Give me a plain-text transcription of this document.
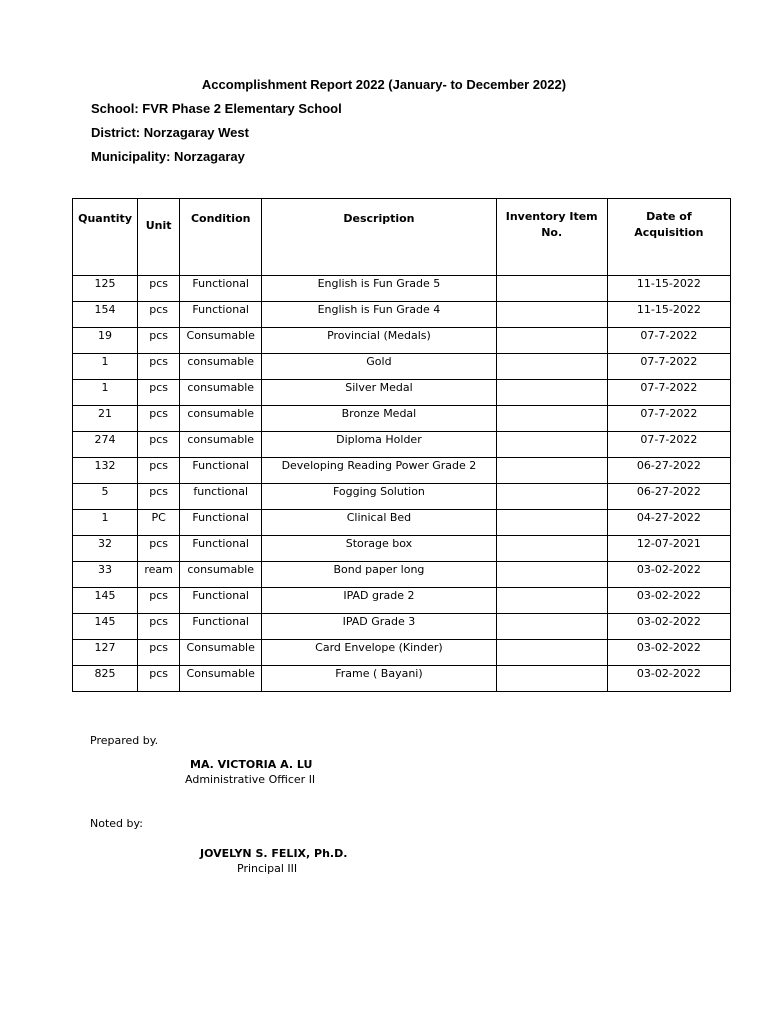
Accomplishment Report 2022 (January- to December 2022)
School: FVR Phase 2 Elementary School
District: Norzagaray West
Municipality: Norzagaray
Quantity	Unit	Condition	Description	Inventory Item No.	Date of Acquisition
125	pcs	Functional	English is Fun Grade 5		11-15-2022
154	pcs	Functional	English is Fun Grade 4		11-15-2022
19	pcs	Consumable	Provincial (Medals)		07-7-2022
1	pcs	consumable	Gold		07-7-2022
1	pcs	consumable	Silver Medal		07-7-2022
21	pcs	consumable	Bronze Medal		07-7-2022
274	pcs	consumable	Diploma Holder		07-7-2022
132	pcs	Functional	Developing Reading Power Grade 2		06-27-2022
5	pcs	functional	Fogging Solution		06-27-2022
1	PC	Functional	Clinical Bed		04-27-2022
32	pcs	Functional	Storage box		12-07-2021
33	ream	consumable	Bond paper long		03-02-2022
145	pcs	Functional	IPAD grade 2		03-02-2022
145	pcs	Functional	IPAD Grade 3		03-02-2022
127	pcs	Consumable	Card Envelope (Kinder)		03-02-2022
825	pcs	Consumable	Frame ( Bayani)		03-02-2022
Prepared by.
MA. VICTORIA A. LU
Administrative Officer II
Noted by:
JOVELYN S. FELIX, Ph.D.
Principal III
